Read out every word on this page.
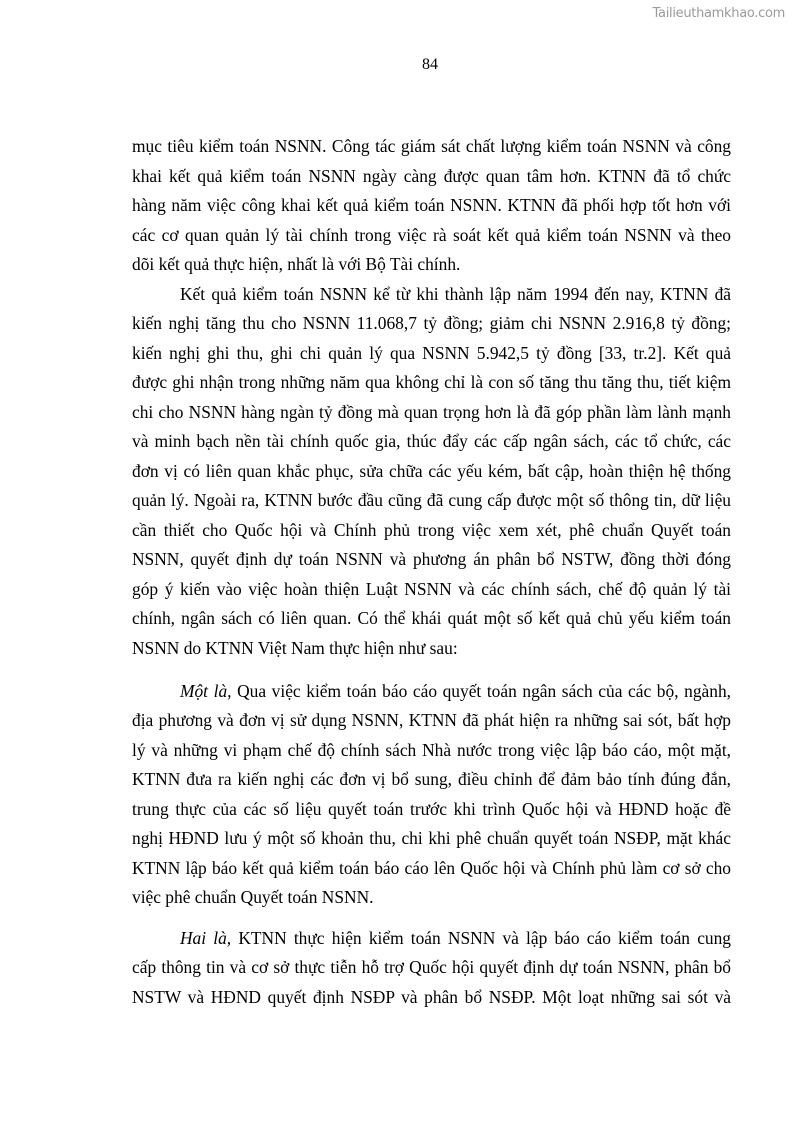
Tailieuthamkhao.com
84
mục tiêu kiểm toán NSNN. Công tác giám sát chất lượng kiểm toán NSNN và công
khai kết quả kiểm toán NSNN ngày càng được quan tâm hơn. KTNN đã tổ chức
hàng năm việc công khai kết quả kiểm toán NSNN. KTNN đã phối hợp tốt hơn với
các cơ quan quản lý tài chính trong việc rà soát kết quả kiểm toán NSNN và theo
dõi kết quả thực hiện, nhất là với Bộ Tài chính.
Kết quả kiểm toán NSNN kể từ khi thành lập năm 1994 đến nay, KTNN đã
kiến nghị tăng thu cho NSNN 11.068,7 tỷ đồng; giảm chi NSNN 2.916,8 tỷ đồng;
kiến nghị ghi thu, ghi chi quản lý qua NSNN 5.942,5 tỷ đồng [33, tr.2]. Kết quả
được ghi nhận trong những năm qua không chỉ là con số tăng thu tăng thu, tiết kiệm
chi cho NSNN hàng ngàn tỷ đồng mà quan trọng hơn là đã góp phần làm lành mạnh
và minh bạch nền tài chính quốc gia, thúc đẩy các cấp ngân sách, các tổ chức, các
đơn vị có liên quan khắc phục, sửa chữa các yếu kém, bất cập, hoàn thiện hệ thống
quản lý. Ngoài ra, KTNN bước đầu cũng đã cung cấp được một số thông tin, dữ liệu
cần thiết cho Quốc hội và Chính phủ trong việc xem xét, phê chuẩn Quyết toán
NSNN, quyết định dự toán NSNN và phương án phân bổ NSTW, đồng thời đóng
góp ý kiến vào việc hoàn thiện Luật NSNN và các chính sách, chế độ quản lý tài
chính, ngân sách có liên quan. Có thể khái quát một số kết quả chủ yếu kiểm toán
NSNN do KTNN Việt Nam thực hiện như sau:
Một là, Qua việc kiểm toán báo cáo quyết toán ngân sách của các bộ, ngành,
địa phương và đơn vị sử dụng NSNN, KTNN đã phát hiện ra những sai sót, bất hợp
lý và những vi phạm chế độ chính sách Nhà nước trong việc lập báo cáo, một mặt,
KTNN đưa ra kiến nghị các đơn vị bổ sung, điều chỉnh để đảm bảo tính đúng đắn,
trung thực của các số liệu quyết toán trước khi trình Quốc hội và HĐND hoặc đề
nghị HĐND lưu ý một số khoản thu, chi khi phê chuẩn quyết toán NSĐP, mặt khác
KTNN lập báo kết quả kiểm toán báo cáo lên Quốc hội và Chính phủ làm cơ sở cho
việc phê chuẩn Quyết toán NSNN.
Hai là, KTNN thực hiện kiểm toán NSNN và lập báo cáo kiểm toán cung
cấp thông tin và cơ sở thực tiễn hỗ trợ Quốc hội quyết định dự toán NSNN, phân bổ
NSTW và HĐND quyết định NSĐP và phân bổ NSĐP. Một loạt những sai sót và
